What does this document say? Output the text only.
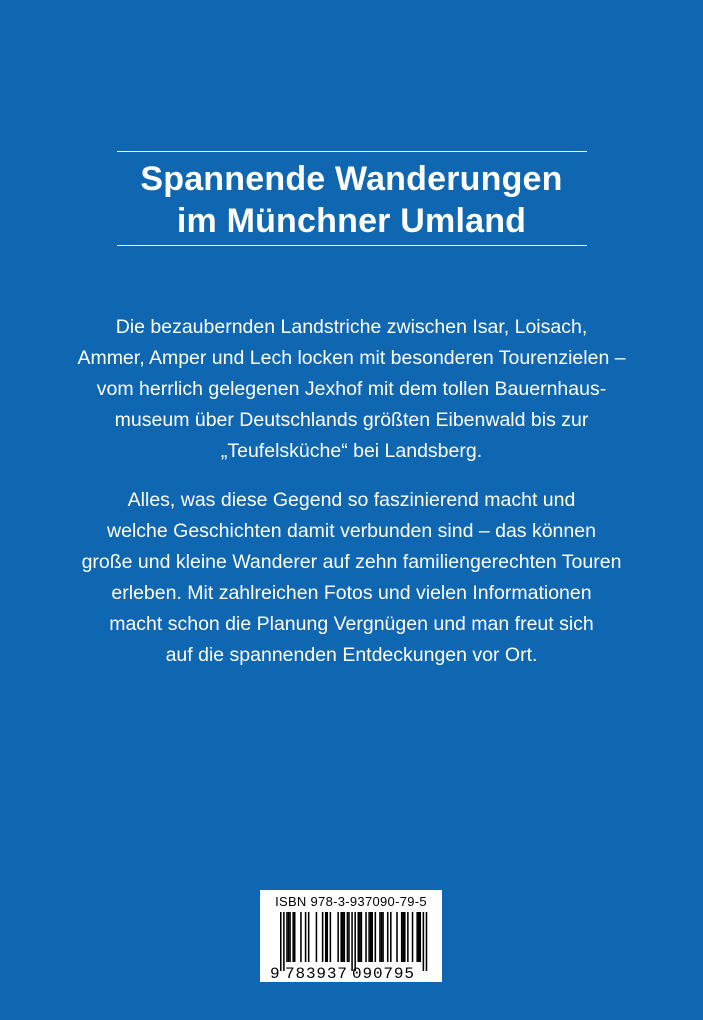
Spannende Wanderungen
im Münchner Umland
Die bezaubernden Landstriche zwischen Isar, Loisach,
Ammer, Amper und Lech locken mit besonderen Tourenzielen –
vom herrlich gelegenen Jexhof mit dem tollen Bauernhaus-
museum über Deutschlands größten Eibenwald bis zur
„Teufelsküche“ bei Landsberg.
Alles, was diese Gegend so faszinierend macht und
welche Geschichten damit verbunden sind – das können
große und kleine Wanderer auf zehn familiengerechten Touren
erleben. Mit zahlreichen Fotos und vielen Informationen
macht schon die Planung Vergnügen und man freut sich
auf die spannenden Entdeckungen vor Ort.
ISBN 978-3-937090-79-5
9 783937 090795
